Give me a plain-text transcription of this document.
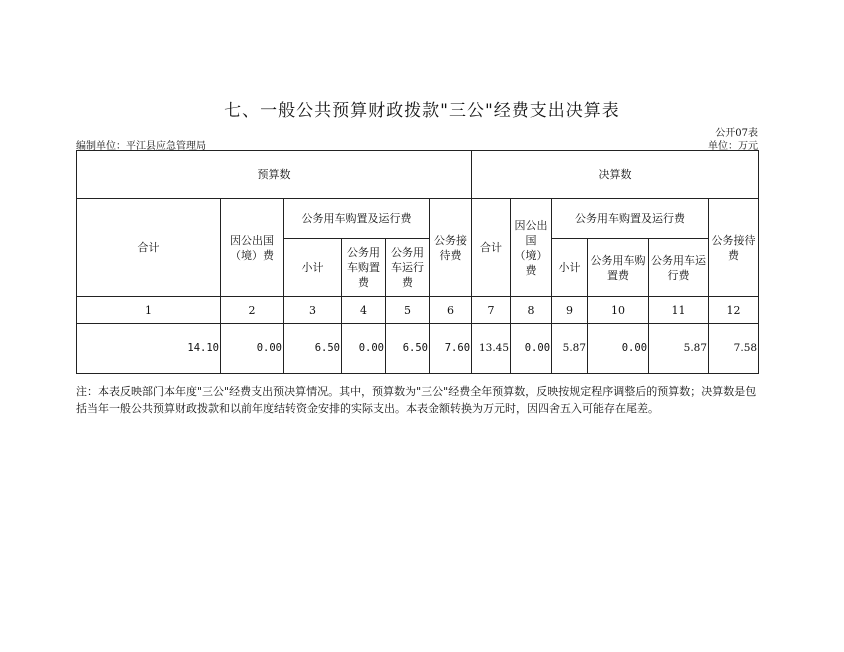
七、一般公共预算财政拨款"三公"经费支出决算表
公开07表
编制单位：平江县应急管理局	单位：万元
预算数						决算数					
合计	因公出国（境）费	公务用车购置及运行费			公务接待费	合计	因公出国（境）费	公务用车购置及运行费			公务接待费
		小计	公务用车购置费	公务用车运行费				小计	公务用车购置费	公务用车运行费	
1	2	3	4	5	6	7	8	9	10	11	12
14.10	0.00	6.50	0.00	6.50	7.60	13.45	0.00	5.87	0.00	5.87	7.58
注：本表反映部门本年度"三公"经费支出预决算情况。其中，预算数为"三公"经费全年预算数，反映按规定程序调整后的预算数；决算数是包括当年一般公共预算财政拨款和以前年度结转资金安排的实际支出。本表金额转换为万元时，因四舍五入可能存在尾差。
